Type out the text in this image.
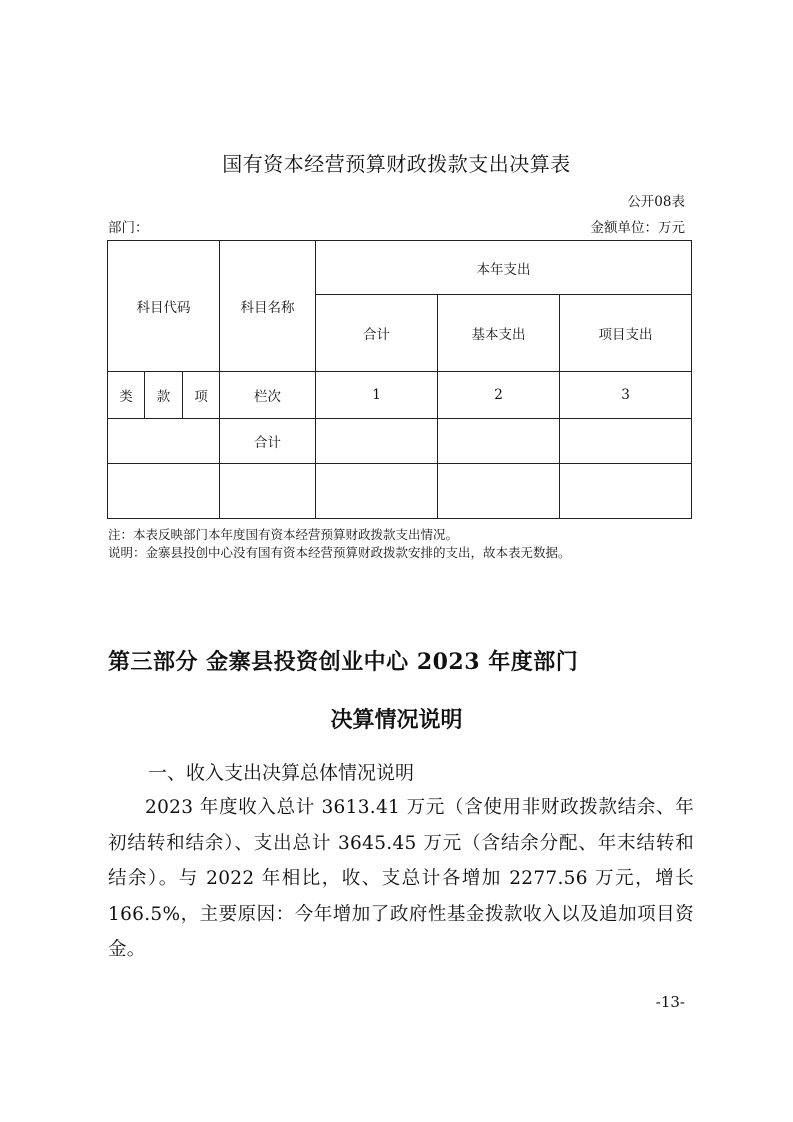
国有资本经营预算财政拨款支出决算表
公开08表
部门：	金额单位：万元
科目代码			科目名称	本年支出		
				合计	基本支出	项目支出
类	款	项	栏次	1	2	3
			合计			

注：本表反映部门本年度国有资本经营预算财政拨款支出情况。
说明：金寨县投创中心没有国有资本经营预算财政拨款安排的支出，故本表无数据。
第三部分 金寨县投资创业中心 2023 年度部门
决算情况说明
一、收入支出决算总体情况说明
2023 年度收入总计 3613.41 万元（含使用非财政拨款结余、年初结转和结余）、支出总计 3645.45 万元（含结余分配、年末结转和结余）。与 2022 年相比，收、支总计各增加 2277.56 万元，增长 166.5%，主要原因：今年增加了政府性基金拨款收入以及追加项目资金。
-13-
